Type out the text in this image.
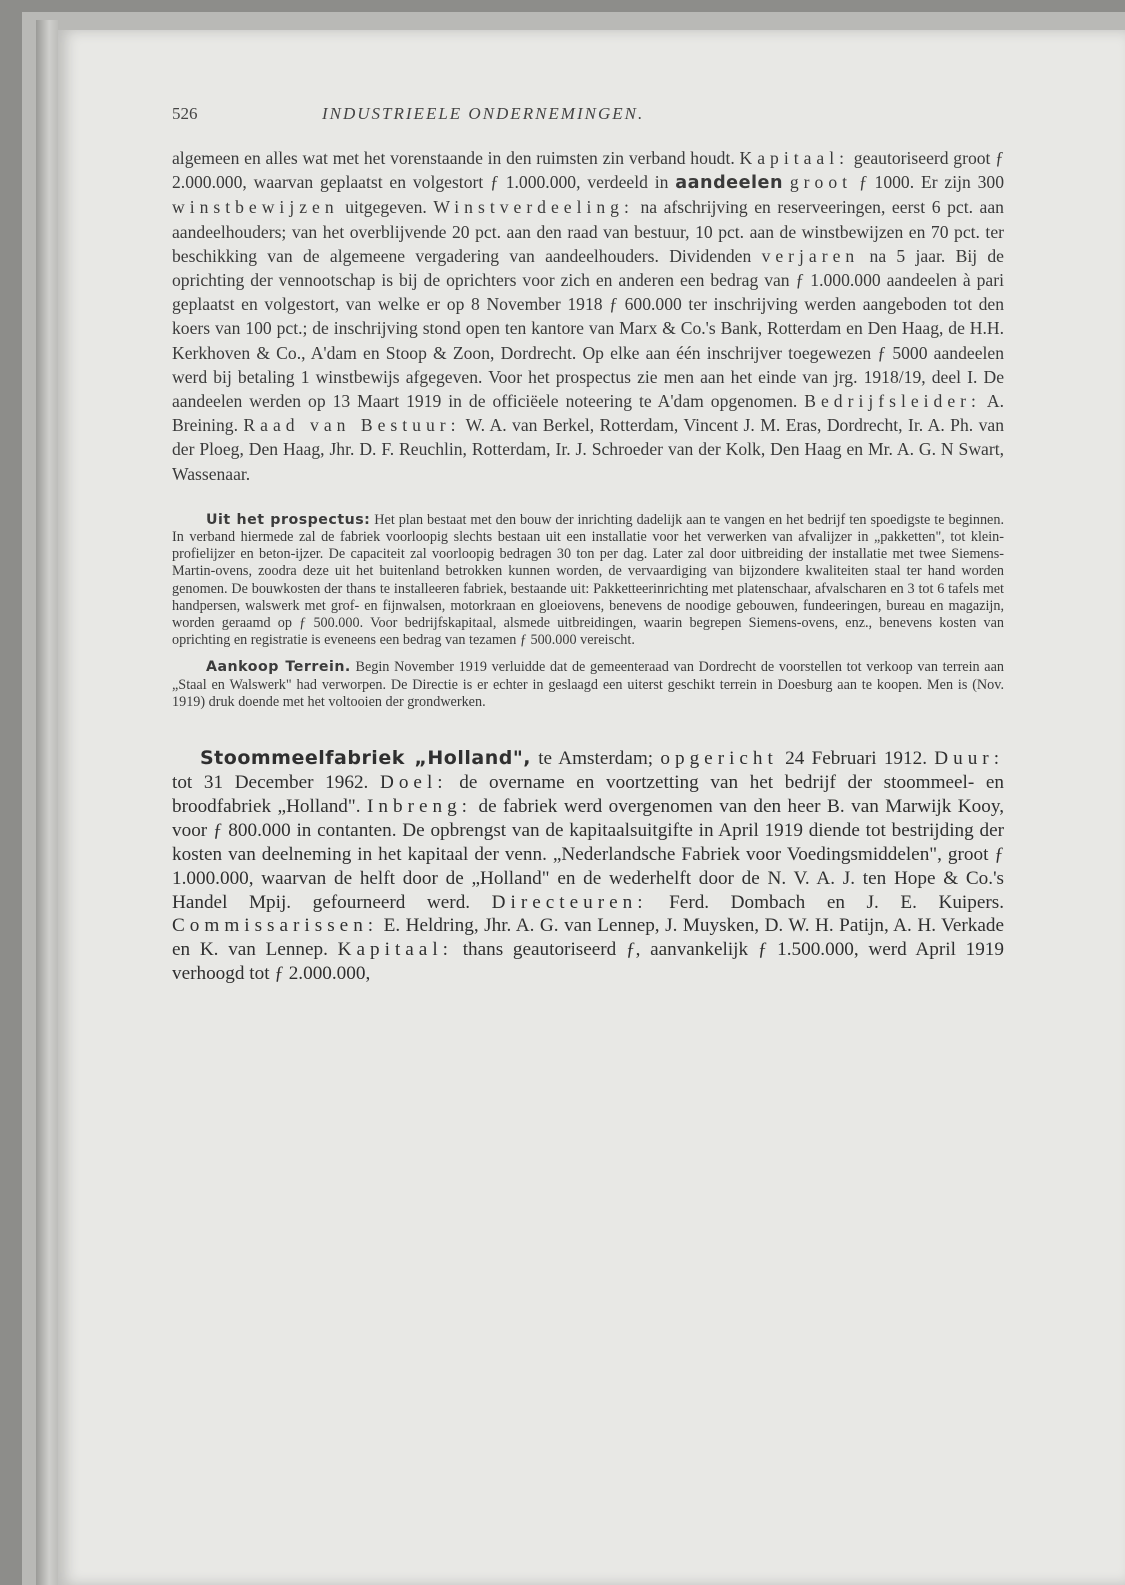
526	INDUSTRIEELE ONDERNEMINGEN.

algemeen en alles wat met het vorenstaande in den ruimsten zin verband houdt. Kapitaal: geautoriseerd groot ƒ 2.000.000, waarvan geplaatst en volgestort ƒ 1.000.000, verdeeld in aandeelen groot ƒ 1000. Er zijn 300 winstbewijzen uitgegeven. Winstverdeeling: na afschrijving en reserveeringen, eerst 6 pct. aan aandeelhouders; van het overblijvende 20 pct. aan den raad van bestuur, 10 pct. aan de winstbewijzen en 70 pct. ter beschikking van de algemeene vergadering van aandeelhouders. Dividenden verjaren na 5 jaar. Bij de oprichting der vennootschap is bij de oprichters voor zich en anderen een bedrag van ƒ 1.000.000 aandeelen à pari geplaatst en volgestort, van welke er op 8 November 1918 ƒ 600.000 ter inschrijving werden aangeboden tot den koers van 100 pct.; de inschrijving stond open ten kantore van Marx & Co.'s Bank, Rotterdam en Den Haag, de H.H. Kerkhoven & Co., A'dam en Stoop & Zoon, Dordrecht. Op elke aan één inschrijver toegewezen ƒ 5000 aandeelen werd bij betaling 1 winstbewijs afgegeven. Voor het prospectus zie men aan het einde van jrg. 1918/19, deel I. De aandeelen werden op 13 Maart 1919 in de officiëele noteering te A'dam opgenomen. Bedrijfsleider: A. Breining. Raad van Bestuur: W. A. van Berkel, Rotterdam, Vincent J. M. Eras, Dordrecht, Ir. A. Ph. van der Ploeg, Den Haag, Jhr. D. F. Reuchlin, Rotterdam, Ir. J. Schroeder van der Kolk, Den Haag en Mr. A. G. N Swart, Wassenaar.

Uit het prospectus: Het plan bestaat met den bouw der inrichting dadelijk aan te vangen en het bedrijf ten spoedigste te beginnen. In verband hiermede zal de fabriek voorloopig slechts bestaan uit een installatie voor het verwerken van afvalijzer in „pakketten", tot klein-profielijzer en beton-ijzer. De capaciteit zal voorloopig bedragen 30 ton per dag. Later zal door uitbreiding der installatie met twee Siemens-Martin-ovens, zoodra deze uit het buitenland betrokken kunnen worden, de vervaardiging van bijzondere kwaliteiten staal ter hand worden genomen. De bouwkosten der thans te installeeren fabriek, bestaande uit: Pakketteerinrichting met platenschaar, afvalscharen en 3 tot 6 tafels met handpersen, walswerk met grof- en fijnwalsen, motorkraan en gloeiovens, benevens de noodige gebouwen, fundeeringen, bureau en magazijn, worden geraamd op ƒ 500.000. Voor bedrijfskapitaal, alsmede uitbreidingen, waarin begrepen Siemens-ovens, enz., benevens kosten van oprichting en registratie is eveneens een bedrag van tezamen ƒ 500.000 vereischt.

Aankoop Terrein. Begin November 1919 verluidde dat de gemeenteraad van Dordrecht de voorstellen tot verkoop van terrein aan „Staal en Walswerk" had verworpen. De Directie is er echter in geslaagd een uiterst geschikt terrein in Doesburg aan te koopen. Men is (Nov. 1919) druk doende met het voltooien der grondwerken.

Stoommeelfabriek „Holland", te Amsterdam; opgericht 24 Februari 1912. Duur: tot 31 December 1962. Doel: de overname en voortzetting van het bedrijf der stoommeel- en broodfabriek „Holland". Inbreng: de fabriek werd overgenomen van den heer B. van Marwijk Kooy, voor ƒ 800.000 in contanten. De opbrengst van de kapitaalsuitgifte in April 1919 diende tot bestrijding der kosten van deelneming in het kapitaal der venn. „Nederlandsche Fabriek voor Voedingsmiddelen", groot ƒ 1.000.000, waarvan de helft door de „Holland" en de wederhelft door de N. V. A. J. ten Hope & Co.'s Handel Mpij. gefourneerd werd. Directeuren: Ferd. Dombach en J. E. Kuipers. Commissarissen: E. Heldring, Jhr. A. G. van Lennep, J. Muysken, D. W. H. Patijn, A. H. Verkade en K. van Lennep. Kapitaal: thans geautoriseerd ƒ, aanvankelijk ƒ 1.500.000, werd April 1919 verhoogd tot ƒ 2.000.000,
